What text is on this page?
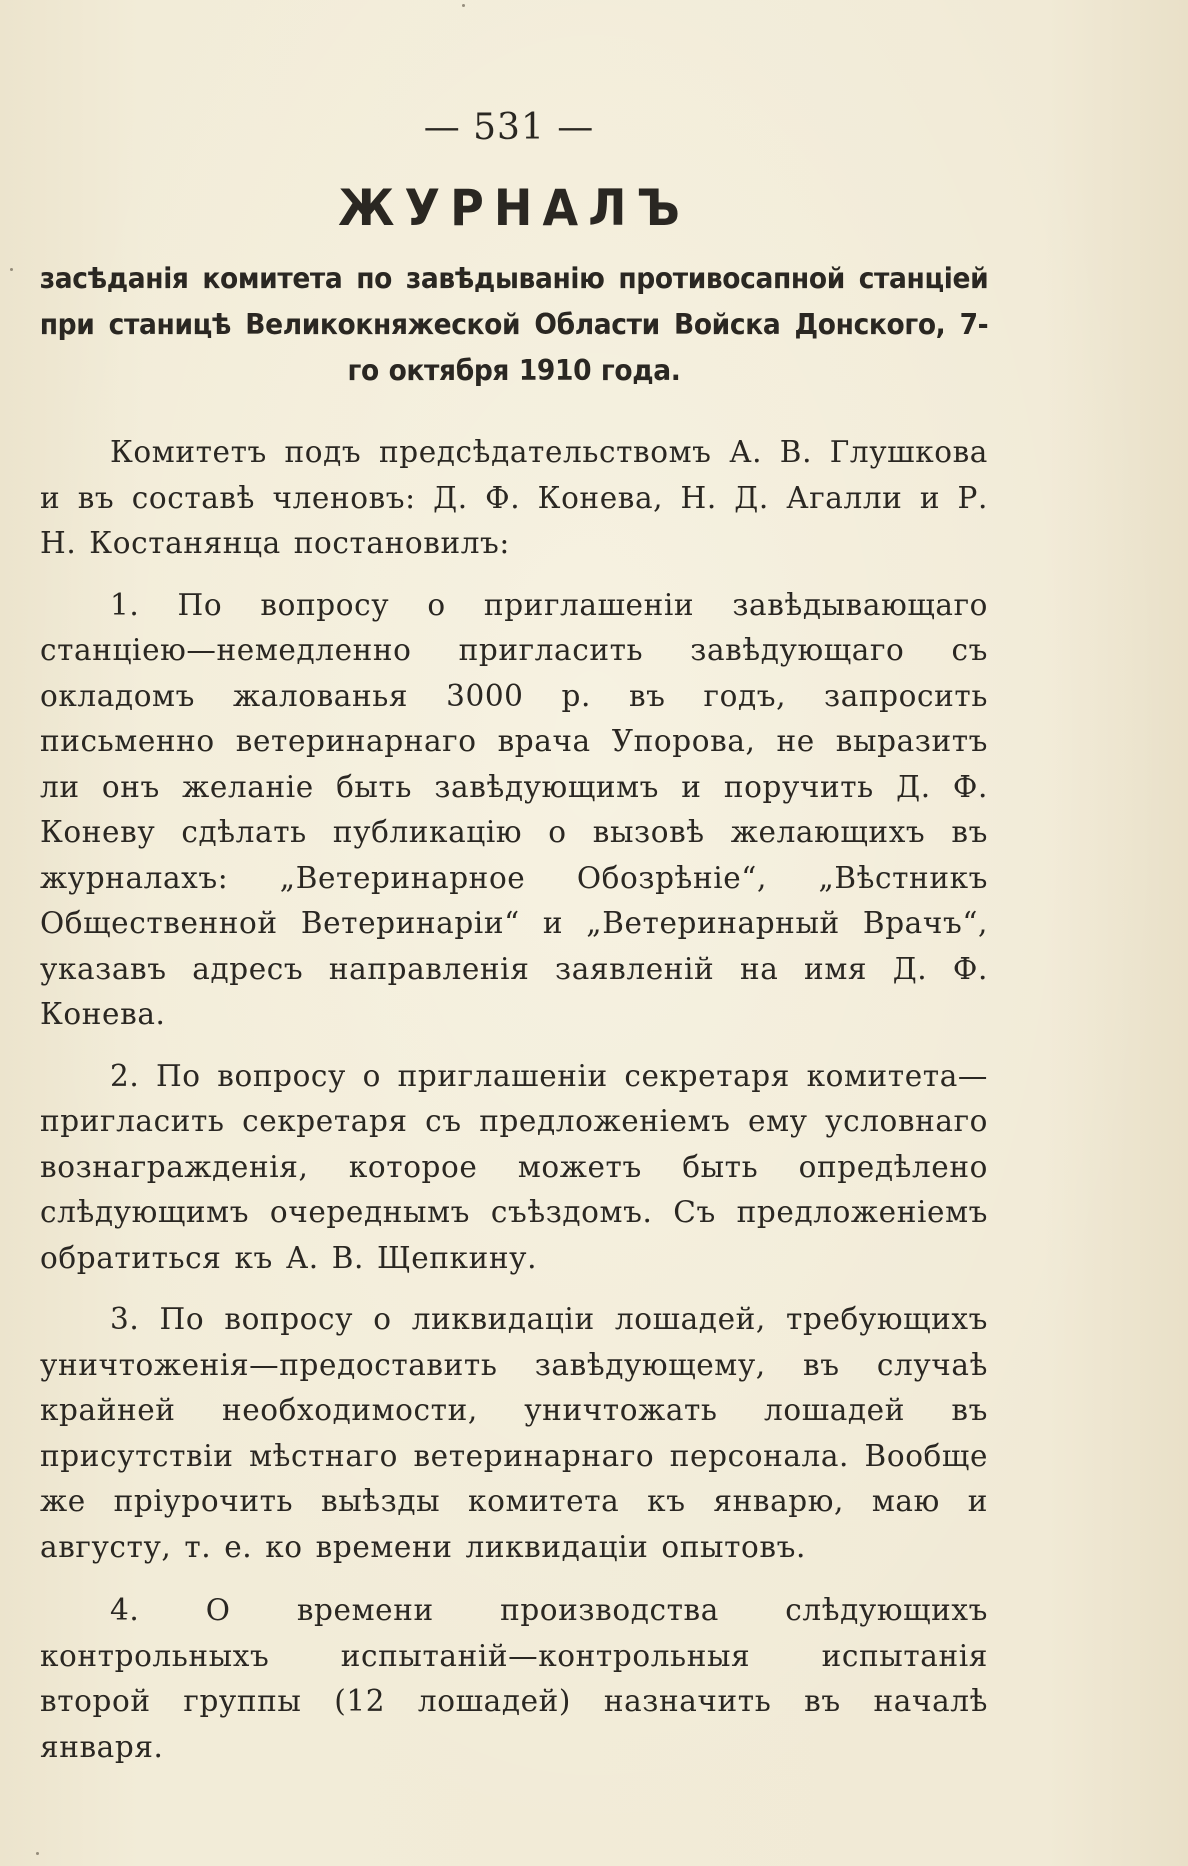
— 531 —
ЖУРНАЛЪ
засѣданія комитета по завѣдыванію противосапной станціей при станицѣ Великокняжеской Области Войска Донского, 7-го октября 1910 года.

Комитетъ подъ предсѣдательствомъ А. В. Глушкова и въ составѣ членовъ: Д. Ф. Конева, Н. Д. Агалли и Р. Н. Костанянца постановилъ:

1. По вопросу о приглашеніи завѣдывающаго станціею—немедленно пригласить завѣдующаго съ окладомъ жалованья 3000 р. въ годъ, запросить письменно ветеринарнаго врача Упорова, не выразитъ ли онъ желаніе быть завѣдующимъ и поручить Д. Ф. Коневу сдѣлать публикацію о вызовѣ желающихъ въ журналахъ: „Ветеринарное Обозрѣніе“, „Вѣстникъ Общественной Ветеринаріи“ и „Ветеринарный Врачъ“, указавъ адресъ направленія заявленій на имя Д. Ф. Конева.

2. По вопросу о приглашеніи секретаря комитета—пригласить секретаря съ предложеніемъ ему условнаго вознагражденія, которое можетъ быть опредѣлено слѣдующимъ очереднымъ съѣздомъ. Съ предложеніемъ обратиться къ А. В. Щепкину.

3. По вопросу о ликвидаціи лошадей, требующихъ уничтоженія—предоставить завѣдующему, въ случаѣ крайней необходимости, уничтожать лошадей въ присутствіи мѣстнаго ветеринарнаго персонала. Вообще же пріурочить выѣзды комитета къ январю, маю и августу, т. е. ко времени ликвидаціи опытовъ.

4. О времени производства слѣдующихъ контрольныхъ испытаній—контрольныя испытанія второй группы (12 лошадей) назначить въ началѣ января.
